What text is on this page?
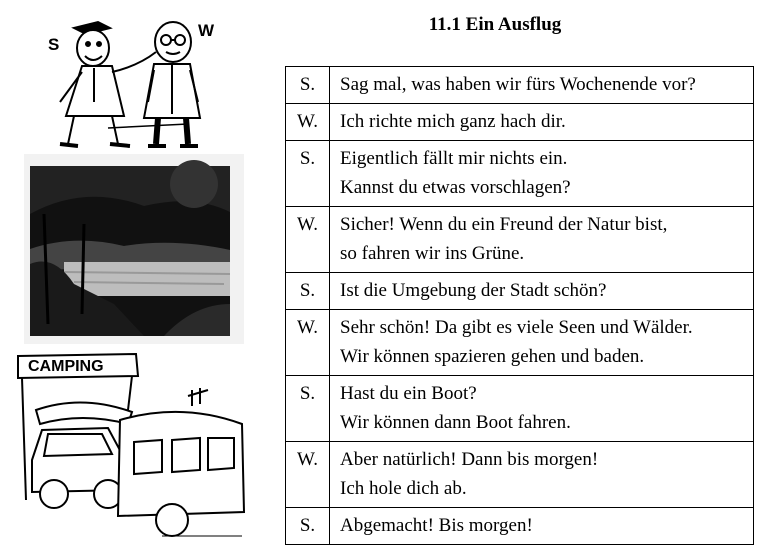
S
W
CAMPING
11.1 Ein Ausflug
S.	Sag mal, was haben wir fürs Wochenende vor?

W.	Ich richte mich ganz hach dir.

S.	Eigentlich fällt mir nichts ein.
Kannst du etwas vorschlagen?

W.	Sicher! Wenn du ein Freund der Natur bist,
so fahren wir ins Grüne.

S.	Ist die Umgebung der Stadt schön?

W.	Sehr schön! Da gibt es viele Seen und Wälder.
Wir können spazieren gehen und baden.

S.	Hast du ein Boot?
Wir können dann Boot fahren.

W.	Aber natürlich! Dann bis morgen!
Ich hole dich ab.

S.	Abgemacht! Bis morgen!
